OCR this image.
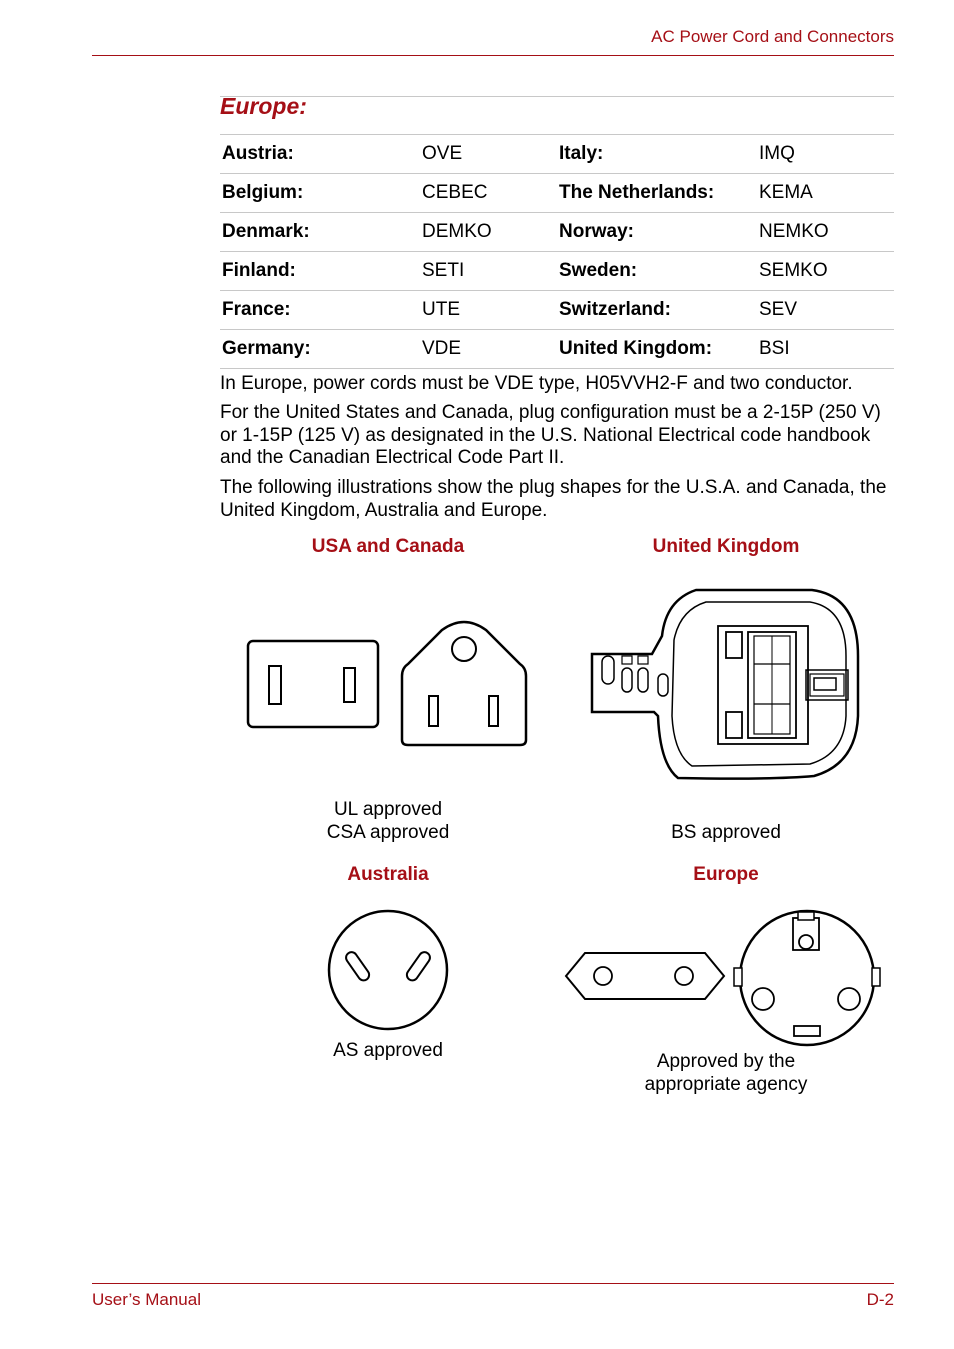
AC Power Cord and Connectors
Europe:
Austria:	OVE	Italy:	IMQ
Belgium:	CEBEC	The Netherlands:	KEMA
Denmark:	DEMKO	Norway:	NEMKO
Finland:	SETI	Sweden:	SEMKO
France:	UTE	Switzerland:	SEV
Germany:	VDE	United Kingdom:	BSI
In Europe, power cords must be VDE type, H05VVH2-F and two conductor.
For the United States and Canada, plug configuration must be a 2-15P (250 V) or 1-15P (125 V) as designated in the U.S. National Electrical code handbook and the Canadian Electrical Code Part II.
The following illustrations show the plug shapes for the U.S.A. and Canada, the United Kingdom, Australia and Europe.
USA and Canada	United Kingdom
Australia	Europe
UL approved
CSA approved	BS approved
AS approved
Approved by the
appropriate agency
User’s Manual	D-2
